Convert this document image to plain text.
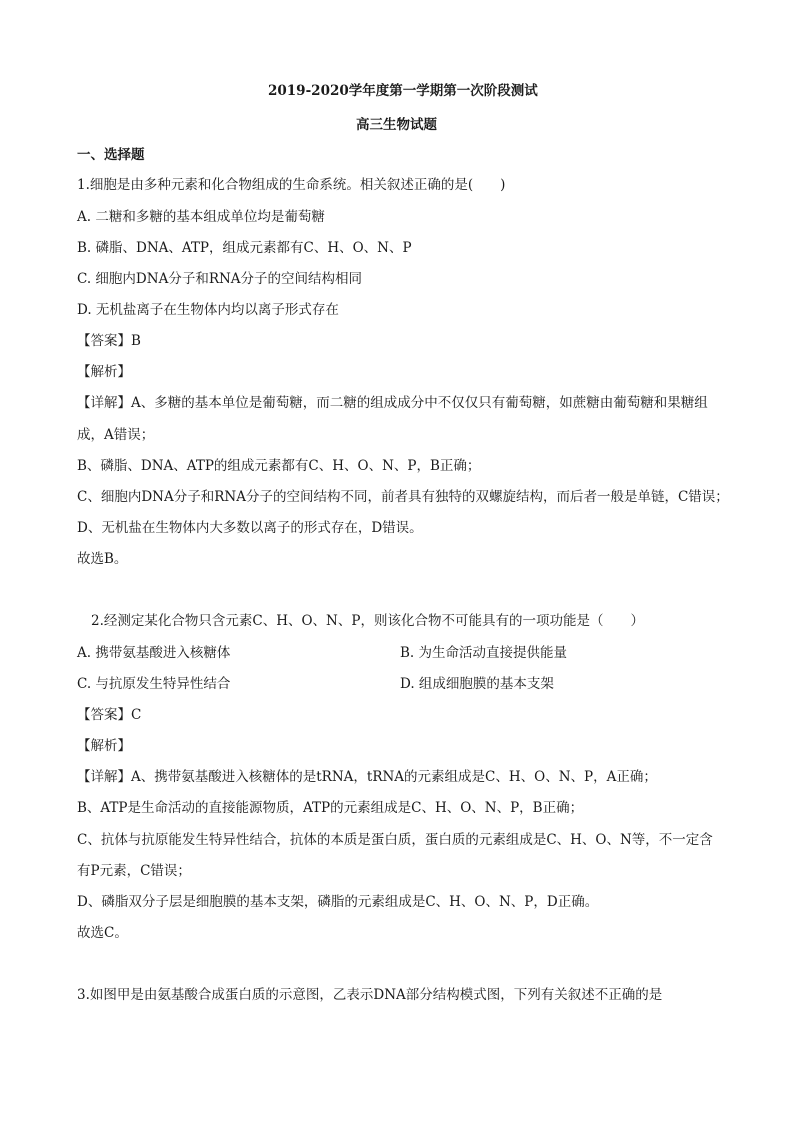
2019-2020学年度第一学期第一次阶段测试
高三生物试题
一、选择题
1.细胞是由多种元素和化合物组成的生命系统。相关叙述正确的是(　　)
A. 二糖和多糖的基本组成单位均是葡萄糖
B. 磷脂、DNA、ATP，组成元素都有C、H、O、N、P
C. 细胞内DNA分子和RNA分子的空间结构相同
D. 无机盐离子在生物体内均以离子形式存在
【答案】B
【解析】
【详解】A、多糖的基本单位是葡萄糖，而二糖的组成成分中不仅仅只有葡萄糖，如蔗糖由葡萄糖和果糖组
成，A错误；
B、磷脂、DNA、ATP的组成元素都有C、H、O、N、P，B正确；
C、细胞内DNA分子和RNA分子的空间结构不同，前者具有独特的双螺旋结构，而后者一般是单链，C错误；
D、无机盐在生物体内大多数以离子的形式存在，D错误。
故选B。
2.经测定某化合物只含元素C、H、O、N、P，则该化合物不可能具有的一项功能是（　　）
A. 携带氨基酸进入核糖体	B. 为生命活动直接提供能量
C. 与抗原发生特异性结合	D. 组成细胞膜的基本支架
【答案】C
【解析】
【详解】A、携带氨基酸进入核糖体的是tRNA，tRNA的元素组成是C、H、O、N、P，A正确；
B、ATP是生命活动的直接能源物质，ATP的元素组成是C、H、O、N、P，B正确；
C、抗体与抗原能发生特异性结合，抗体的本质是蛋白质，蛋白质的元素组成是C、H、O、N等，不一定含
有P元素，C错误；
D、磷脂双分子层是细胞膜的基本支架，磷脂的元素组成是C、H、O、N、P，D正确。
故选C。
3.如图甲是由氨基酸合成蛋白质的示意图，乙表示DNA部分结构模式图，下列有关叙述不正确的是
